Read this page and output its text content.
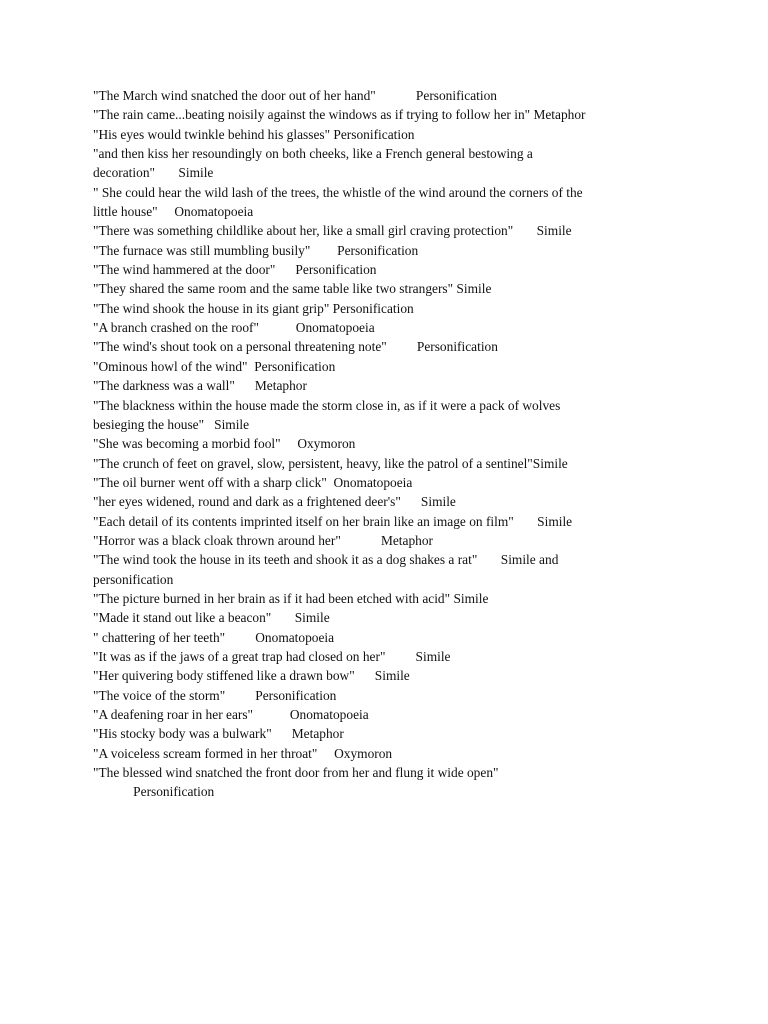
"The March wind snatched the door out of her hand"            Personification
"The rain came...beating noisily against the windows as if trying to follow her in" Metaphor
"His eyes would twinkle behind his glasses" Personification
"and then kiss her resoundingly on both cheeks, like a French general bestowing a
decoration"       Simile
" She could hear the wild lash of the trees, the whistle of the wind around the corners of the
little house"     Onomatopoeia
"There was something childlike about her, like a small girl craving protection"       Simile
"The furnace was still mumbling busily"        Personification
"The wind hammered at the door"      Personification
"They shared the same room and the same table like two strangers" Simile
"The wind shook the house in its giant grip" Personification
"A branch crashed on the roof"           Onomatopoeia
"The wind's shout took on a personal threatening note"         Personification
"Ominous howl of the wind"  Personification
"The darkness was a wall"      Metaphor
"The blackness within the house made the storm close in, as if it were a pack of wolves
besieging the house"   Simile
"She was becoming a morbid fool"     Oxymoron
"The crunch of feet on gravel, slow, persistent, heavy, like the patrol of a sentinel"Simile
"The oil burner went off with a sharp click"  Onomatopoeia
"her eyes widened, round and dark as a frightened deer's"      Simile
"Each detail of its contents imprinted itself on her brain like an image on film"       Simile
"Horror was a black cloak thrown around her"            Metaphor
"The wind took the house in its teeth and shook it as a dog shakes a rat"       Simile and
personification
"The picture burned in her brain as if it had been etched with acid" Simile
"Made it stand out like a beacon"       Simile
" chattering of her teeth"         Onomatopoeia
"It was as if the jaws of a great trap had closed on her"         Simile
"Her quivering body stiffened like a drawn bow"      Simile
"The voice of the storm"         Personification
"A deafening roar in her ears"           Onomatopoeia
"His stocky body was a bulwark"      Metaphor
"A voiceless scream formed in her throat"     Oxymoron
"The blessed wind snatched the front door from her and flung it wide open"
Personification
